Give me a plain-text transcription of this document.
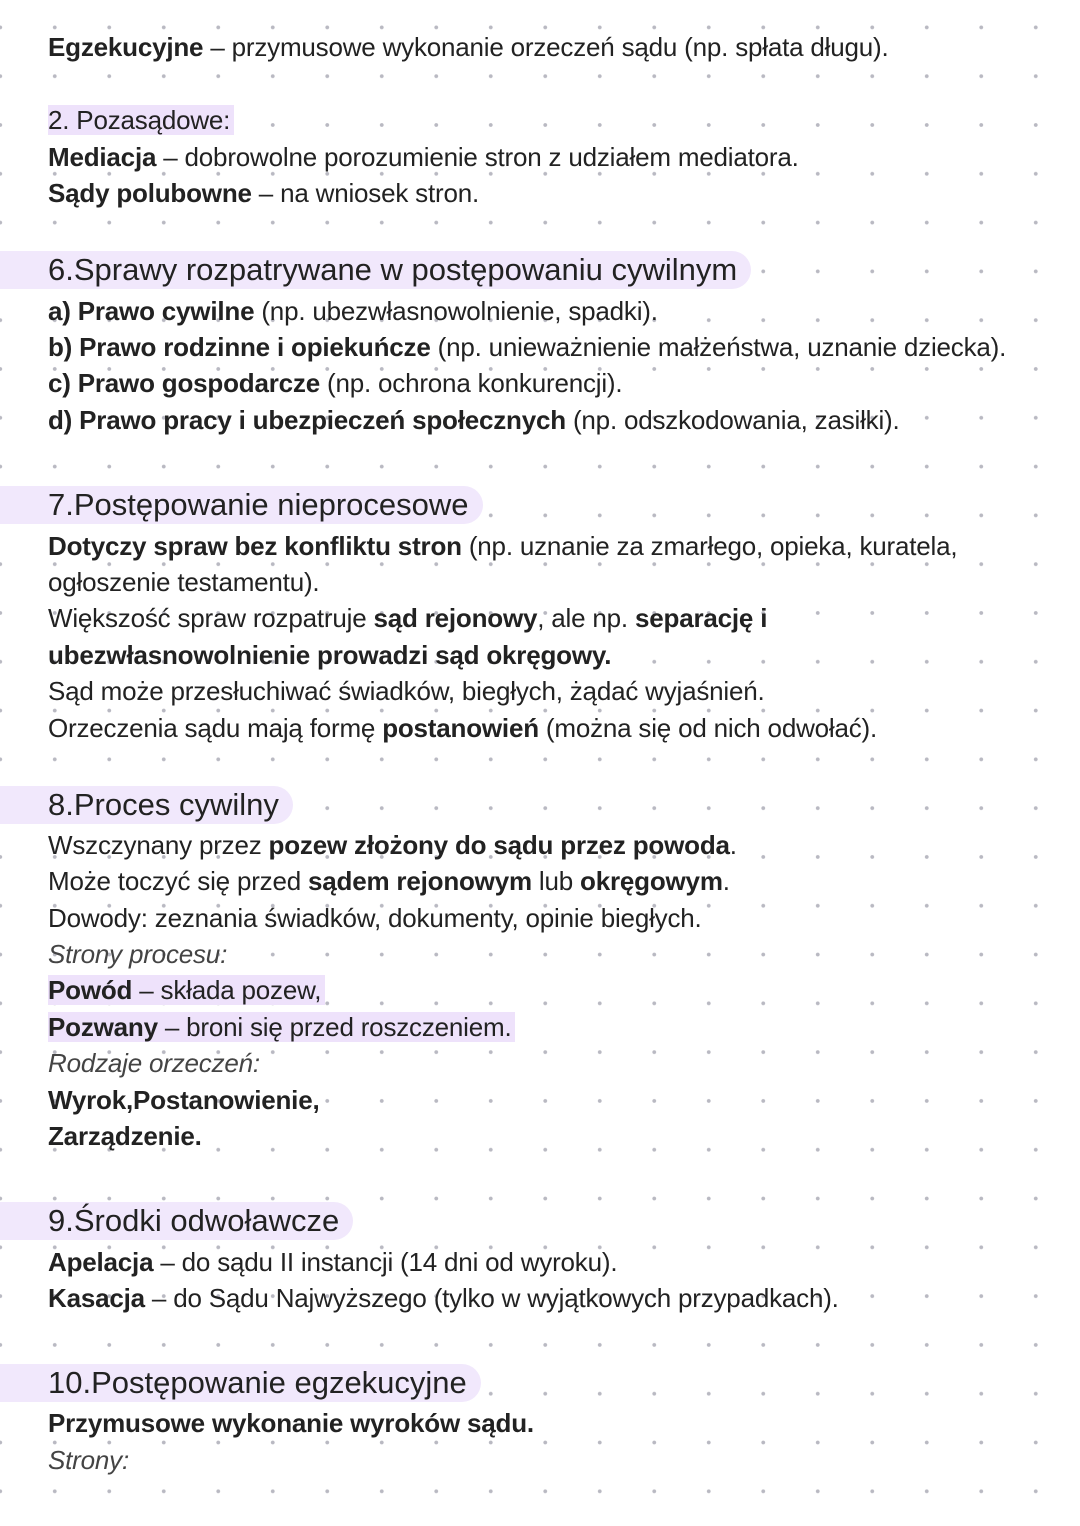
Egzekucyjne – przymusowe wykonanie orzeczeń sądu (np. spłata długu).
2. Pozasądowe:
Mediacja – dobrowolne porozumienie stron z udziałem mediatora.
Sądy polubowne – na wniosek stron.
6.Sprawy rozpatrywane w postępowaniu cywilnym
a) Prawo cywilne (np. ubezwłasnowolnienie, spadki).
b) Prawo rodzinne i opiekuńcze (np. unieważnienie małżeństwa, uznanie dziecka).
c) Prawo gospodarcze (np. ochrona konkurencji).
d) Prawo pracy i ubezpieczeń społecznych (np. odszkodowania, zasiłki).
7.Postępowanie nieprocesowe
Dotyczy spraw bez konfliktu stron (np. uznanie za zmarłego, opieka, kuratela,
ogłoszenie testamentu).
Większość spraw rozpatruje sąd rejonowy, ale np. separację i
ubezwłasnowolnienie prowadzi sąd okręgowy.
Sąd może przesłuchiwać świadków, biegłych, żądać wyjaśnień.
Orzeczenia sądu mają formę postanowień (można się od nich odwołać).
8.Proces cywilny
Wszczynany przez pozew złożony do sądu przez powoda.
Może toczyć się przed sądem rejonowym lub okręgowym.
Dowody: zeznania świadków, dokumenty, opinie biegłych.
Strony procesu:
Powód – składa pozew,
Pozwany – broni się przed roszczeniem.
Rodzaje orzeczeń:
Wyrok,Postanowienie,
Zarządzenie.
9.Środki odwoławcze
Apelacja – do sądu II instancji (14 dni od wyroku).
Kasacja – do Sądu Najwyższego (tylko w wyjątkowych przypadkach).
10.Postępowanie egzekucyjne
Przymusowe wykonanie wyroków sądu.
Strony:
